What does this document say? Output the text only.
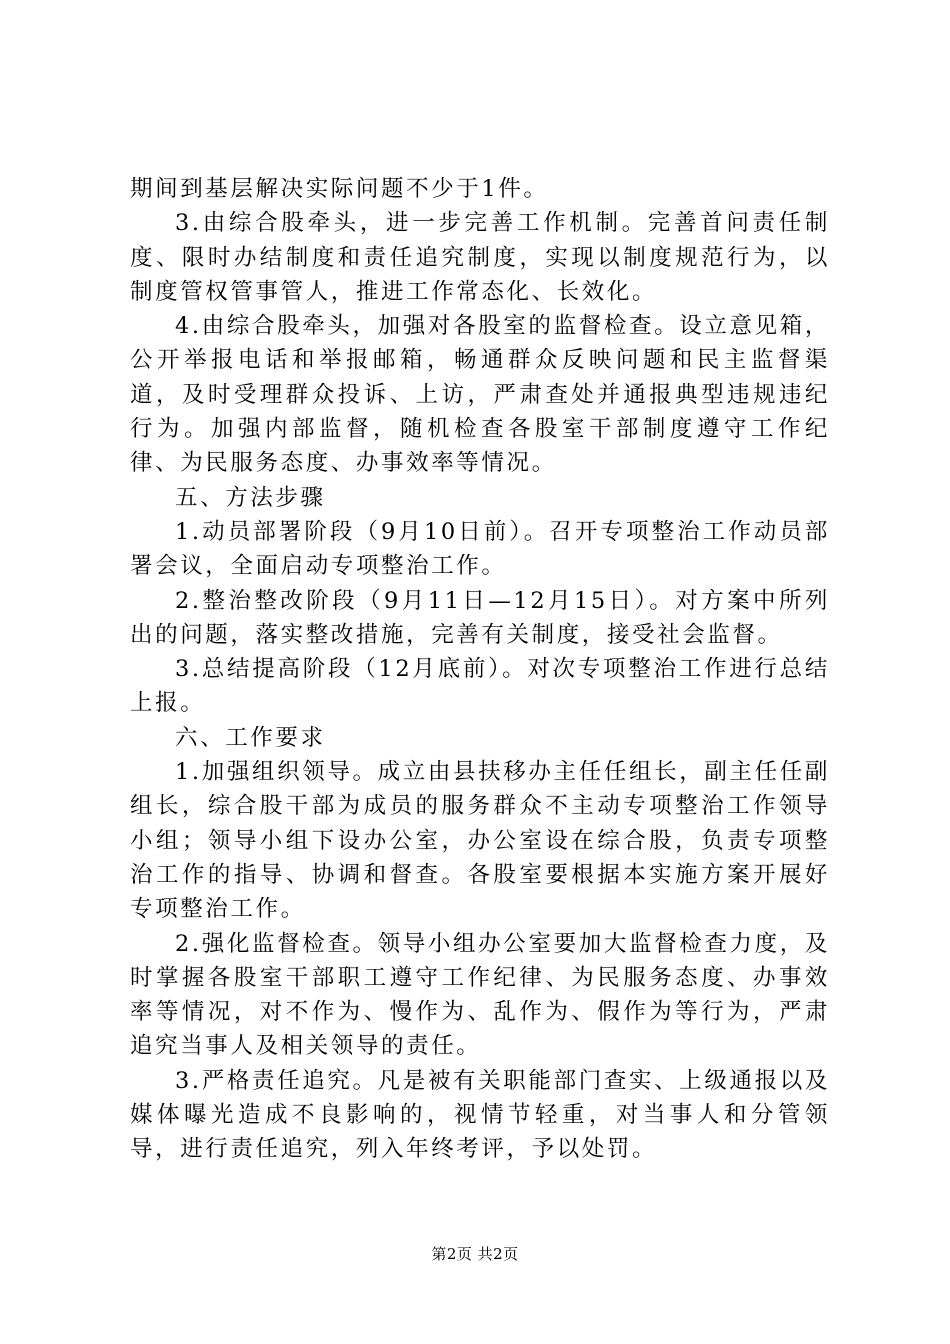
期间到基层解决实际问题不少于1件。

3.由综合股牵头，进一步完善工作机制。完善首问责任制度、限时办结制度和责任追究制度，实现以制度规范行为，以制度管权管事管人，推进工作常态化、长效化。

4.由综合股牵头，加强对各股室的监督检查。设立意见箱，公开举报电话和举报邮箱，畅通群众反映问题和民主监督渠道，及时受理群众投诉、上访，严肃查处并通报典型违规违纪行为。加强内部监督，随机检查各股室干部制度遵守工作纪律、为民服务态度、办事效率等情况。

五、方法步骤

1.动员部署阶段（9月10日前）。召开专项整治工作动员部署会议，全面启动专项整治工作。

2.整治整改阶段（9月11日—12月15日）。对方案中所列出的问题，落实整改措施，完善有关制度，接受社会监督。

3.总结提高阶段（12月底前）。对次专项整治工作进行总结上报。

六、工作要求

1.加强组织领导。成立由县扶移办主任任组长，副主任任副组长，综合股干部为成员的服务群众不主动专项整治工作领导小组；领导小组下设办公室，办公室设在综合股，负责专项整治工作的指导、协调和督查。各股室要根据本实施方案开展好专项整治工作。

2.强化监督检查。领导小组办公室要加大监督检查力度，及时掌握各股室干部职工遵守工作纪律、为民服务态度、办事效率等情况，对不作为、慢作为、乱作为、假作为等行为，严肃追究当事人及相关领导的责任。

3.严格责任追究。凡是被有关职能部门查实、上级通报以及媒体曝光造成不良影响的，视情节轻重，对当事人和分管领导，进行责任追究，列入年终考评，予以处罚。

第2页 共2页
